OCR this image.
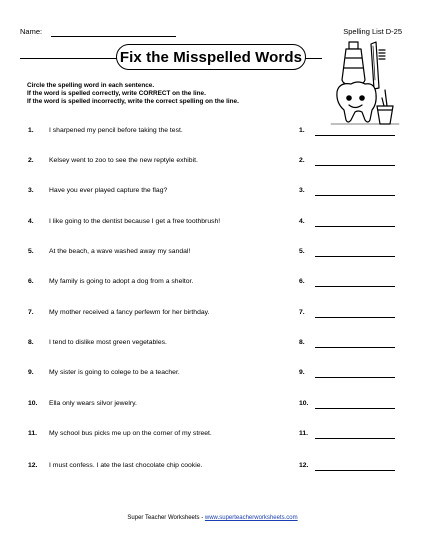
Name:	Spelling List D-25
Fix the Misspelled Words
Circle the spelling word in each sentence.
If the word is spelled correctly, write CORRECT on the line.
If the word is spelled incorrectly, write the correct spelling on the line.
1. I sharpened my pencil before taking the test.	1.
2. Kelsey went to zoo to see the new reptyle exhibit.	2.
3. Have you ever played capture the flag?	3.
4. I like going to the dentist because I get a free toothbrush!	4.
5. At the beach, a wave washed away my sandal!	5.
6. My family is going to adopt a dog from a sheltor.	6.
7. My mother received a fancy perfewm for her birthday.	7.
8. I tend to dislike most green vegetables.	8.
9. My sister is going to colege to be a teacher.	9.
10. Ella only wears silvor jewelry.	10.
11. My school bus picks me up on the corner of my street.	11.
12. I must confess. I ate the last chocolate chip cookie.	12.
Super Teacher Worksheets - www.superteacherworksheets.com
